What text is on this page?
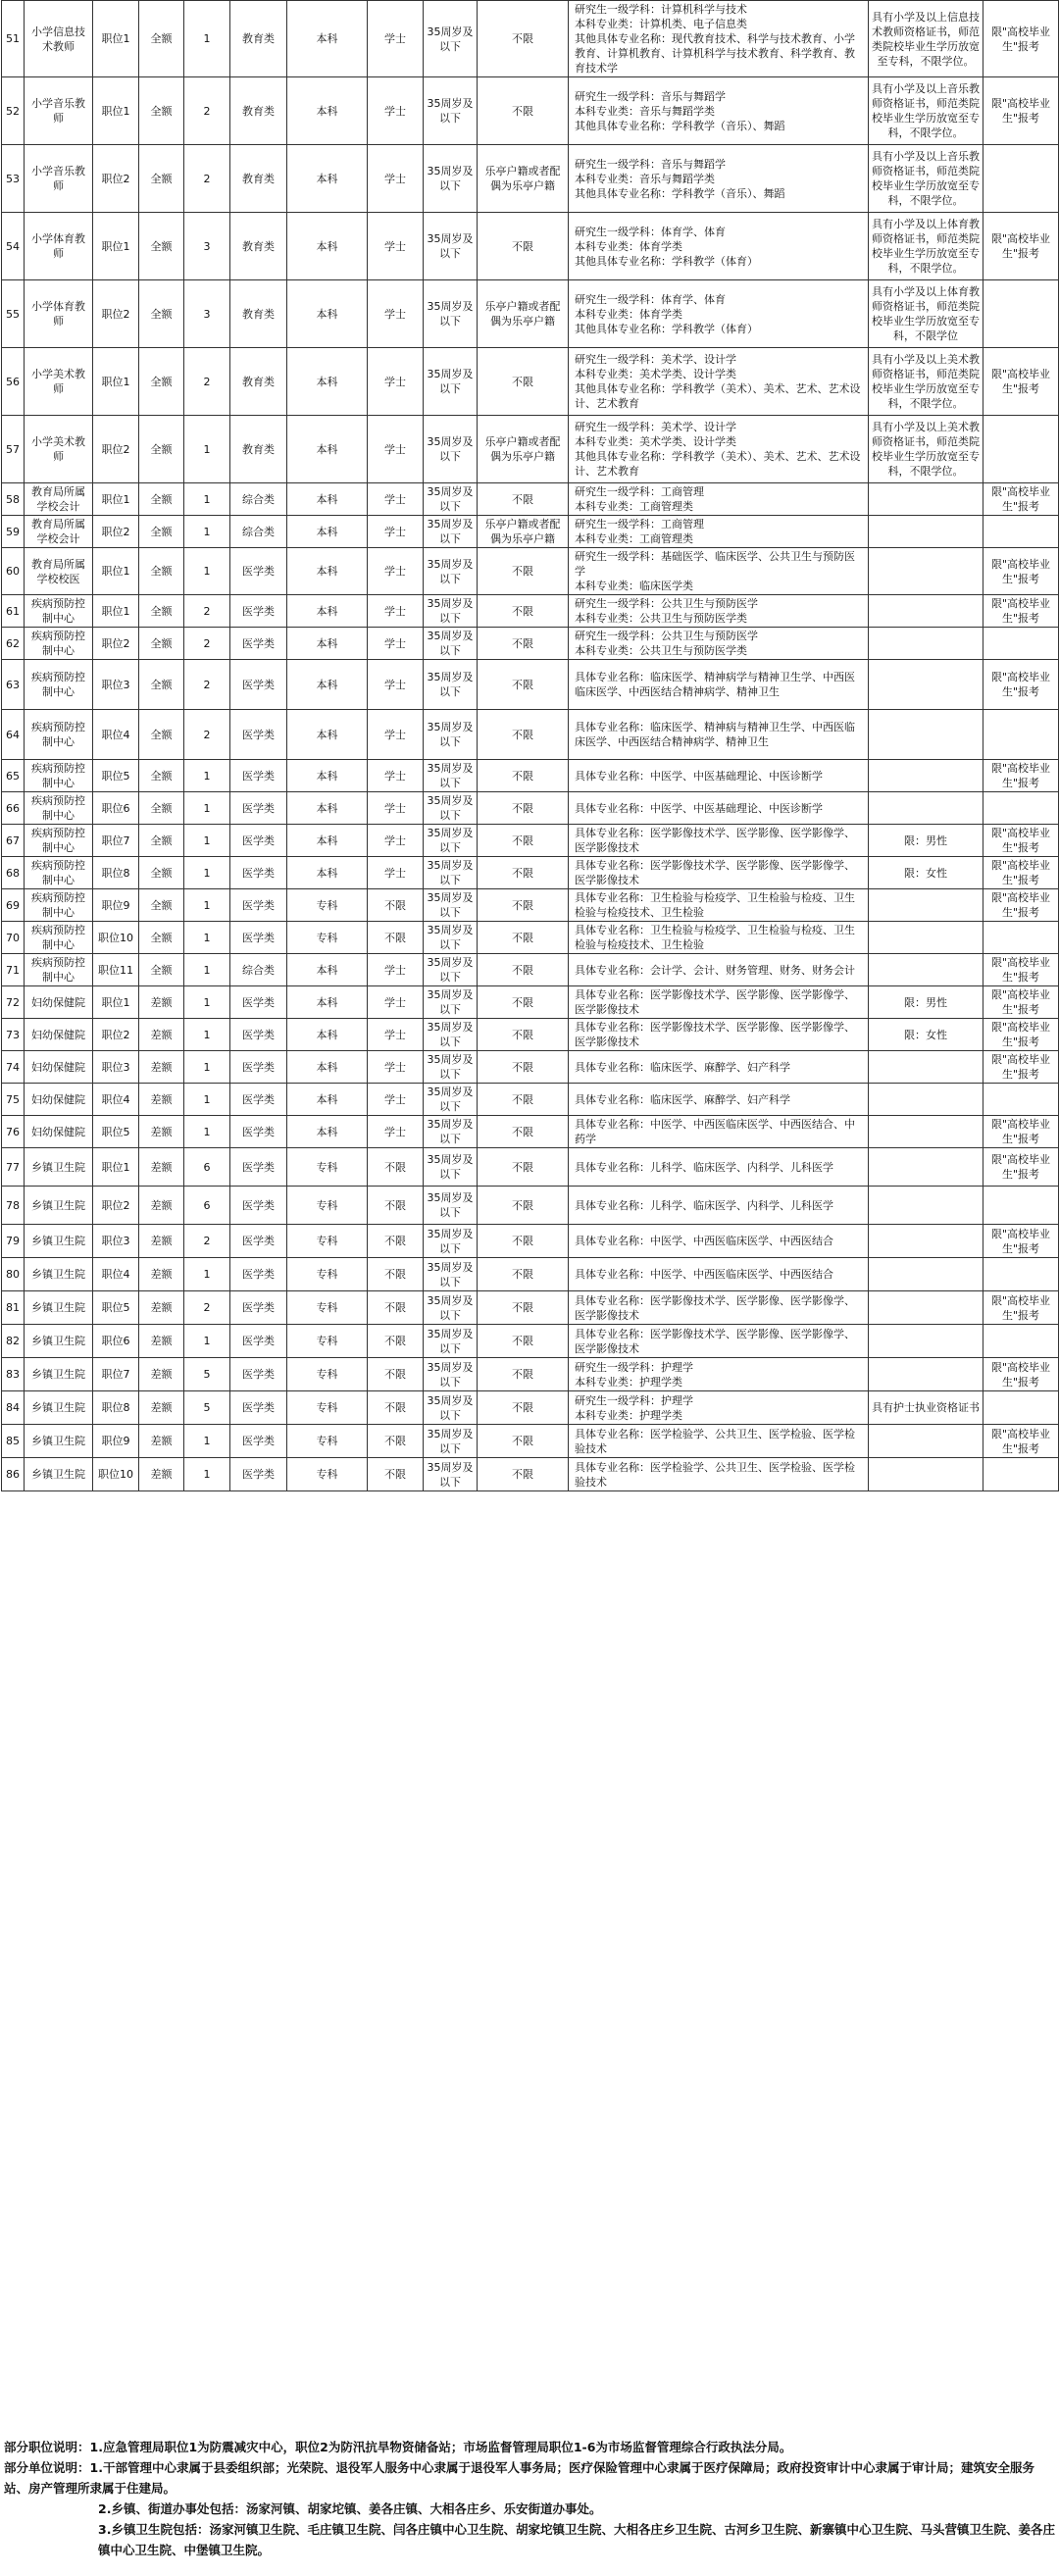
51	小学信息技术教师	职位1	全额	1	教育类	本科	学士	35周岁及以下	不限	研究生一级学科：计算机科学与技术
本科专业类：计算机类、电子信息类
其他具体专业名称：现代教育技术、科学与技术教育、小学教育、计算机教育、计算机科学与技术教育、科学教育、教育技术学	具有小学及以上信息技术教师资格证书，师范类院校毕业生学历放宽至专科，不限学位。	限"高校毕业生"报考
52	小学音乐教师	职位1	全额	2	教育类	本科	学士	35周岁及以下	不限	研究生一级学科：音乐与舞蹈学
本科专业类：音乐与舞蹈学类
其他具体专业名称：学科教学（音乐）、舞蹈	具有小学及以上音乐教师资格证书，师范类院校毕业生学历放宽至专科，不限学位。	限"高校毕业生"报考
53	小学音乐教师	职位2	全额	2	教育类	本科	学士	35周岁及以下	乐亭户籍或者配偶为乐亭户籍	研究生一级学科：音乐与舞蹈学
本科专业类：音乐与舞蹈学类
其他具体专业名称：学科教学（音乐）、舞蹈	具有小学及以上音乐教师资格证书，师范类院校毕业生学历放宽至专科，不限学位。	
54	小学体育教师	职位1	全额	3	教育类	本科	学士	35周岁及以下	不限	研究生一级学科：体育学、体育
本科专业类：体育学类
其他具体专业名称：学科教学（体育）	具有小学及以上体育教师资格证书，师范类院校毕业生学历放宽至专科，不限学位。	限"高校毕业生"报考
55	小学体育教师	职位2	全额	3	教育类	本科	学士	35周岁及以下	乐亭户籍或者配偶为乐亭户籍	研究生一级学科：体育学、体育
本科专业类：体育学类
其他具体专业名称：学科教学（体育）	具有小学及以上体育教师资格证书，师范类院校毕业生学历放宽至专科，不限学位	
56	小学美术教师	职位1	全额	2	教育类	本科	学士	35周岁及以下	不限	研究生一级学科：美术学、设计学
本科专业类：美术学类、设计学类
其他具体专业名称：学科教学（美术）、美术、艺术、艺术设计、艺术教育	具有小学及以上美术教师资格证书，师范类院校毕业生学历放宽至专科，不限学位。	限"高校毕业生"报考
57	小学美术教师	职位2	全额	1	教育类	本科	学士	35周岁及以下	乐亭户籍或者配偶为乐亭户籍	研究生一级学科：美术学、设计学
本科专业类：美术学类、设计学类
其他具体专业名称：学科教学（美术）、美术、艺术、艺术设计、艺术教育	具有小学及以上美术教师资格证书，师范类院校毕业生学历放宽至专科，不限学位。	
58	教育局所属学校会计	职位1	全额	1	综合类	本科	学士	35周岁及以下	不限	研究生一级学科：工商管理
本科专业类：工商管理类		限"高校毕业生"报考
59	教育局所属学校会计	职位2	全额	1	综合类	本科	学士	35周岁及以下	乐亭户籍或者配偶为乐亭户籍	研究生一级学科：工商管理
本科专业类：工商管理类		
60	教育局所属学校校医	职位1	全额	1	医学类	本科	学士	35周岁及以下	不限	研究生一级学科：基础医学、临床医学、公共卫生与预防医学
本科专业类：临床医学类		限"高校毕业生"报考
61	疾病预防控制中心	职位1	全额	2	医学类	本科	学士	35周岁及以下	不限	研究生一级学科：公共卫生与预防医学
本科专业类：公共卫生与预防医学类		限"高校毕业生"报考
62	疾病预防控制中心	职位2	全额	2	医学类	本科	学士	35周岁及以下	不限	研究生一级学科：公共卫生与预防医学
本科专业类：公共卫生与预防医学类		
63	疾病预防控制中心	职位3	全额	2	医学类	本科	学士	35周岁及以下	不限	具体专业名称：临床医学、精神病学与精神卫生学、中西医临床医学、中西医结合精神病学、精神卫生		限"高校毕业生"报考
64	疾病预防控制中心	职位4	全额	2	医学类	本科	学士	35周岁及以下	不限	具体专业名称：临床医学、精神病与精神卫生学、中西医临床医学、中西医结合精神病学、精神卫生		
65	疾病预防控制中心	职位5	全额	1	医学类	本科	学士	35周岁及以下	不限	具体专业名称：中医学、中医基础理论、中医诊断学		限"高校毕业生"报考
66	疾病预防控制中心	职位6	全额	1	医学类	本科	学士	35周岁及以下	不限	具体专业名称：中医学、中医基础理论、中医诊断学		
67	疾病预防控制中心	职位7	全额	1	医学类	本科	学士	35周岁及以下	不限	具体专业名称：医学影像技术学、医学影像、医学影像学、医学影像技术	限：男性	限"高校毕业生"报考
68	疾病预防控制中心	职位8	全额	1	医学类	本科	学士	35周岁及以下	不限	具体专业名称：医学影像技术学、医学影像、医学影像学、医学影像技术	限：女性	限"高校毕业生"报考
69	疾病预防控制中心	职位9	全额	1	医学类	专科	不限	35周岁及以下	不限	具体专业名称：卫生检验与检疫学、卫生检验与检疫、卫生检验与检疫技术、卫生检验		限"高校毕业生"报考
70	疾病预防控制中心	职位10	全额	1	医学类	专科	不限	35周岁及以下	不限	具体专业名称：卫生检验与检疫学、卫生检验与检疫、卫生检验与检疫技术、卫生检验		
71	疾病预防控制中心	职位11	全额	1	综合类	本科	学士	35周岁及以下	不限	具体专业名称：会计学、会计、财务管理、财务、财务会计		限"高校毕业生"报考
72	妇幼保健院	职位1	差额	1	医学类	本科	学士	35周岁及以下	不限	具体专业名称：医学影像技术学、医学影像、医学影像学、医学影像技术	限：男性	限"高校毕业生"报考
73	妇幼保健院	职位2	差额	1	医学类	本科	学士	35周岁及以下	不限	具体专业名称：医学影像技术学、医学影像、医学影像学、医学影像技术	限：女性	限"高校毕业生"报考
74	妇幼保健院	职位3	差额	1	医学类	本科	学士	35周岁及以下	不限	具体专业名称：临床医学、麻醉学、妇产科学		限"高校毕业生"报考
75	妇幼保健院	职位4	差额	1	医学类	本科	学士	35周岁及以下	不限	具体专业名称：临床医学、麻醉学、妇产科学		
76	妇幼保健院	职位5	差额	1	医学类	本科	学士	35周岁及以下	不限	具体专业名称：中医学、中西医临床医学、中西医结合、中药学		限"高校毕业生"报考
77	乡镇卫生院	职位1	差额	6	医学类	专科	不限	35周岁及以下	不限	具体专业名称：儿科学、临床医学、内科学、儿科医学		限"高校毕业生"报考
78	乡镇卫生院	职位2	差额	6	医学类	专科	不限	35周岁及以下	不限	具体专业名称：儿科学、临床医学、内科学、儿科医学		
79	乡镇卫生院	职位3	差额	2	医学类	专科	不限	35周岁及以下	不限	具体专业名称：中医学、中西医临床医学、中西医结合		限"高校毕业生"报考
80	乡镇卫生院	职位4	差额	1	医学类	专科	不限	35周岁及以下	不限	具体专业名称：中医学、中西医临床医学、中西医结合		
81	乡镇卫生院	职位5	差额	2	医学类	专科	不限	35周岁及以下	不限	具体专业名称：医学影像技术学、医学影像、医学影像学、医学影像技术		限"高校毕业生"报考
82	乡镇卫生院	职位6	差额	1	医学类	专科	不限	35周岁及以下	不限	具体专业名称：医学影像技术学、医学影像、医学影像学、医学影像技术		
83	乡镇卫生院	职位7	差额	5	医学类	专科	不限	35周岁及以下	不限	研究生一级学科：护理学
本科专业类：护理学类		限"高校毕业生"报考
84	乡镇卫生院	职位8	差额	5	医学类	专科	不限	35周岁及以下	不限	研究生一级学科：护理学
本科专业类：护理学类	具有护士执业资格证书	
85	乡镇卫生院	职位9	差额	1	医学类	专科	不限	35周岁及以下	不限	具体专业名称：医学检验学、公共卫生、医学检验、医学检验技术		限"高校毕业生"报考
86	乡镇卫生院	职位10	差额	1	医学类	专科	不限	35周岁及以下	不限	具体专业名称：医学检验学、公共卫生、医学检验、医学检验技术		

部分职位说明：1.应急管理局职位1为防震减灾中心，职位2为防汛抗旱物资储备站；市场监督管理局职位1-6为市场监督管理综合行政执法分局。

部分单位说明：1.干部管理中心隶属于县委组织部；光荣院、退役军人服务中心隶属于退役军人事务局；医疗保险管理中心隶属于医疗保障局；政府投资审计中心隶属于审计局；建筑安全服务站、房产管理所隶属于住建局。

2.乡镇、街道办事处包括：汤家河镇、胡家坨镇、姜各庄镇、大相各庄乡、乐安街道办事处。

3.乡镇卫生院包括：汤家河镇卫生院、毛庄镇卫生院、闫各庄镇中心卫生院、胡家坨镇卫生院、大相各庄乡卫生院、古河乡卫生院、新寨镇中心卫生院、马头营镇卫生院、姜各庄镇中心卫生院、中堡镇卫生院。
